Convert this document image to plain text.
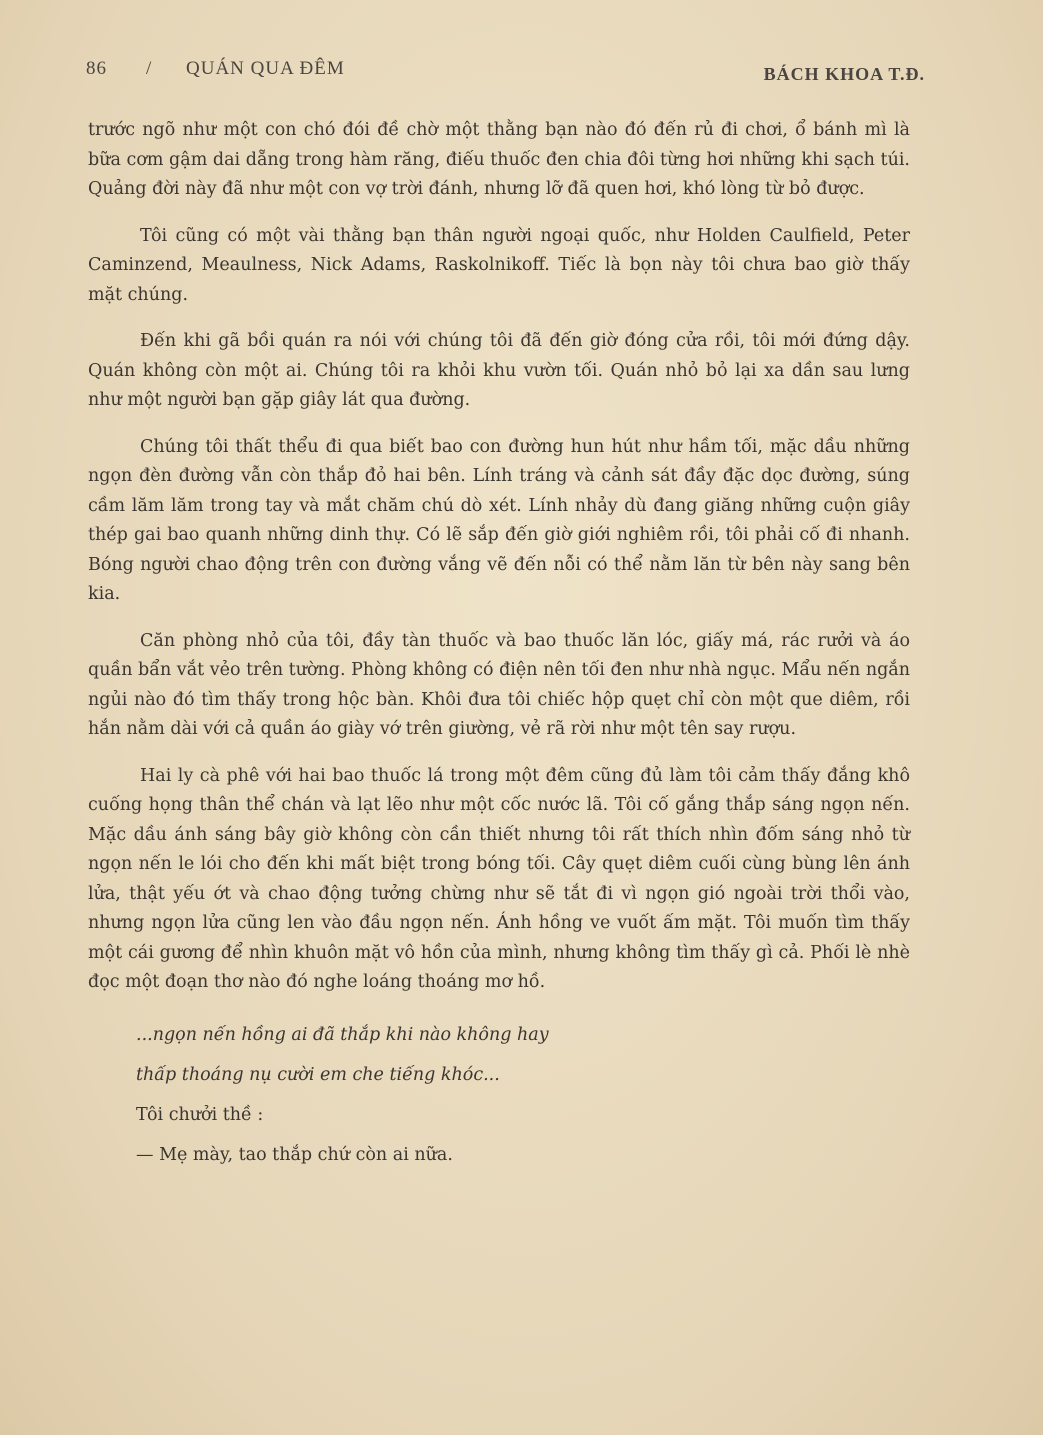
86 / QUÁN QUA ĐÊM	BÁCH KHOA T.Đ.

trước ngõ như một con chó đói đề chờ một thằng bạn nào đó đến rủ đi chơi, ổ bánh mì là bữa cơm gậm dai dẵng trong hàm răng, điếu thuốc đen chia đôi từng hơi những khi sạch túi. Quảng đời này đã như một con vợ trời đánh, nhưng lỡ đã quen hơi, khó lòng từ bỏ được.

Tôi cũng có một vài thằng bạn thân người ngoại quốc, như Holden Caulfield, Peter Caminzend, Meaulness, Nick Adams, Raskolnikoff. Tiếc là bọn này tôi chưa bao giờ thấy mặt chúng.

Đến khi gã bồi quán ra nói với chúng tôi đã đến giờ đóng cửa rồi, tôi mới đứng dậy. Quán không còn một ai. Chúng tôi ra khỏi khu vườn tối. Quán nhỏ bỏ lại xa dần sau lưng như một người bạn gặp giây lát qua đường.

Chúng tôi thất thểu đi qua biết bao con đường hun hút như hầm tối, mặc dầu những ngọn đèn đường vẫn còn thắp đỏ hai bên. Lính tráng và cảnh sát đầy đặc dọc đường, súng cầm lăm lăm trong tay và mắt chăm chú dò xét. Lính nhảy dù đang giăng những cuộn giây thép gai bao quanh những dinh thự. Có lẽ sắp đến giờ giới nghiêm rồi, tôi phải cố đi nhanh. Bóng người chao động trên con đường vắng vẽ đến nỗi có thể nằm lăn từ bên này sang bên kia.

Căn phòng nhỏ của tôi, đầy tàn thuốc và bao thuốc lăn lóc, giấy má, rác rưởi và áo quần bẩn vắt vẻo trên tường. Phòng không có điện nên tối đen như nhà ngục. Mẩu nến ngắn ngủi nào đó tìm thấy trong hộc bàn. Khôi đưa tôi chiếc hộp quẹt chỉ còn một que diêm, rồi hắn nằm dài với cả quần áo giày vớ trên giường, vẻ rã rời như một tên say rượu.

Hai ly cà phê với hai bao thuốc lá trong một đêm cũng đủ làm tôi cảm thấy đắng khô cuống họng thân thể chán và lạt lẽo như một cốc nước lã. Tôi cố gắng thắp sáng ngọn nến. Mặc dầu ánh sáng bây giờ không còn cần thiết nhưng tôi rất thích nhìn đốm sáng nhỏ từ ngọn nến le lói cho đến khi mất biệt trong bóng tối. Cây quẹt diêm cuối cùng bùng lên ánh lửa, thật yếu ớt và chao động tưởng chừng như sẽ tắt đi vì ngọn gió ngoài trời thổi vào, nhưng ngọn lửa cũng len vào đầu ngọn nến. Ánh hồng ve vuốt ấm mặt. Tôi muốn tìm thấy một cái gương để nhìn khuôn mặt vô hồn của mình, nhưng không tìm thấy gì cả. Phối lè nhè đọc một đoạn thơ nào đó nghe loáng thoáng mơ hồ.

...ngọn nến hồng ai đã thắp khi nào không hay
thấp thoáng nụ cười em che tiếng khóc...
Tôi chưởi thề :
— Mẹ mày, tao thắp chứ còn ai nữa.
